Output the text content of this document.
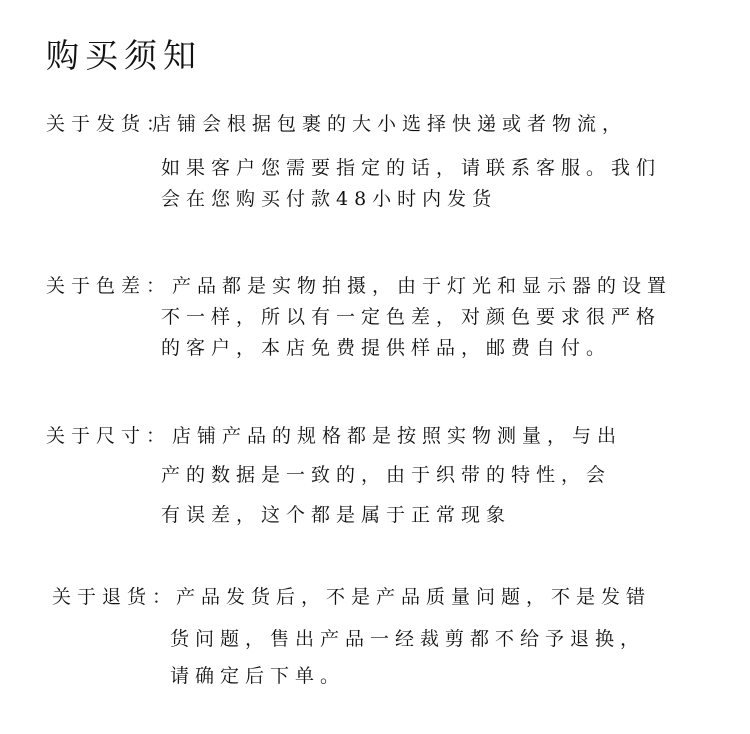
购买须知
关于发货：
店铺会根据包裹的大小选择快递或者物流，
如果客户您需要指定的话，请联系客服。我们
会在您购买付款48小时内发货
关于色差： 产品都是实物拍摄，由于灯光和显示器的设置
不一样，所以有一定色差，对颜色要求很严格
的客户，本店免费提供样品，邮费自付。
关于尺寸： 店铺产品的规格都是按照实物测量，与出
产的数据是一致的，由于织带的特性，会
有误差，这个都是属于正常现象
关于退货：
产品发货后，不是产品质量问题，不是发错
货问题，售出产品一经裁剪都不给予退换，
请确定后下单。
